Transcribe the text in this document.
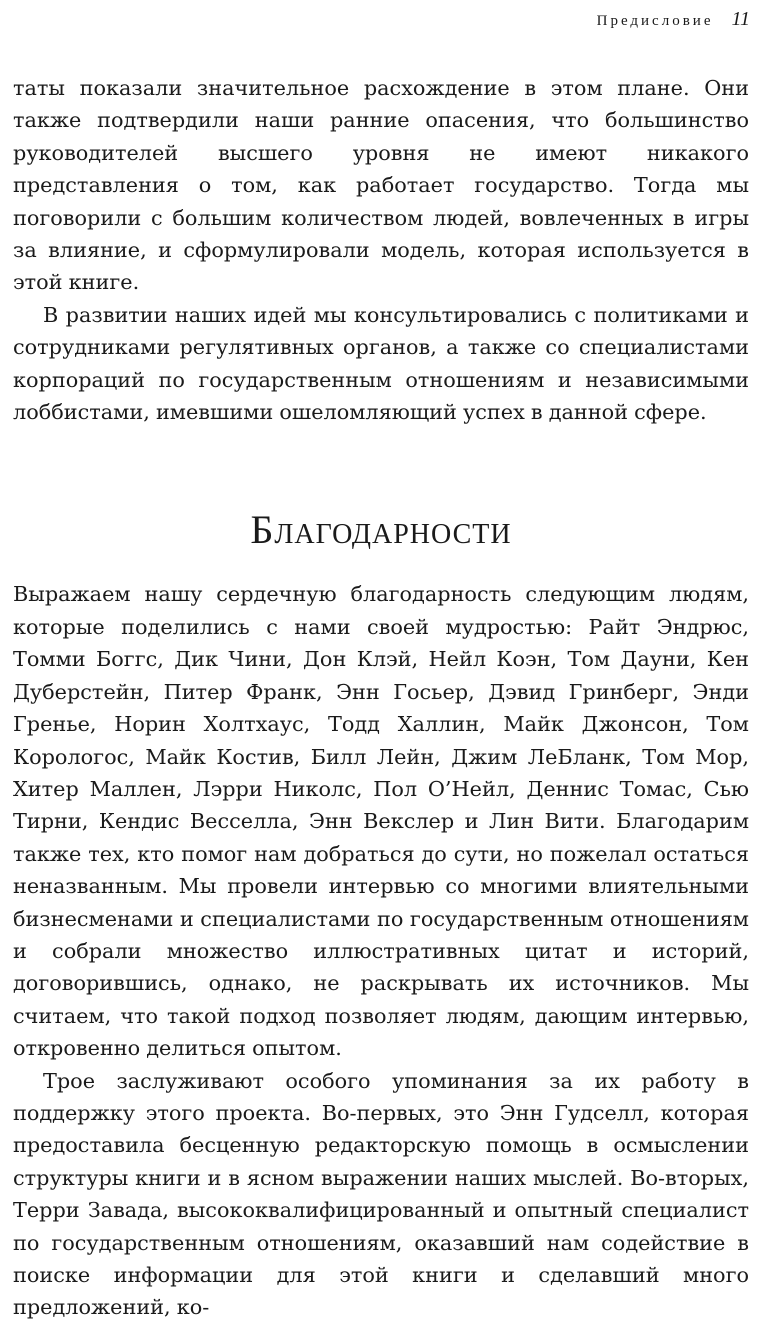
Предисловие 11

таты показали значительное расхождение в этом плане. Они также подтвердили наши ранние опасения, что большинство руководителей высшего уровня не имеют никакого представления о том, как работает государство. Тогда мы поговорили с большим количеством людей, вовлеченных в игры за влияние, и сформулировали модель, которая используется в этой книге.

В развитии наших идей мы консультировались с политиками и сотрудниками регулятивных органов, а также со специалистами корпораций по государственным отношениям и независимыми лоббистами, имевшими ошеломляющий успех в данной сфере.

Благодарности

Выражаем нашу сердечную благодарность следующим людям, которые поделились с нами своей мудростью: Райт Эндрюс, Томми Боггс, Дик Чини, Дон Клэй, Нейл Коэн, Том Дауни, Кен Дуберстейн, Питер Франк, Энн Госьер, Дэвид Гринберг, Энди Гренье, Норин Холтхаус, Тодд Халлин, Майк Джонсон, Том Корологос, Майк Костив, Билл Лейн, Джим ЛеБланк, Том Мор, Хитер Маллен, Лэрри Николс, Пол О’Нейл, Деннис Томас, Сью Тирни, Кендис Весселла, Энн Векслер и Лин Вити. Благодарим также тех, кто помог нам добраться до сути, но пожелал остаться неназванным. Мы провели интервью со многими влиятельными бизнесменами и специалистами по государственным отношениям и собрали множество иллюстративных цитат и историй, договорившись, однако, не раскрывать их источников. Мы считаем, что такой подход позволяет людям, дающим интервью, откровенно делиться опытом.

Трое заслуживают особого упоминания за их работу в поддержку этого проекта. Во-первых, это Энн Гудселл, которая предоставила бесценную редакторскую помощь в осмыслении структуры книги и в ясном выражении наших мыслей. Во-вторых, Терри Завада, высококвалифицированный и опытный специалист по государственным отношениям, оказавший нам содействие в поиске информации для этой книги и сделавший много предложений, ко-
